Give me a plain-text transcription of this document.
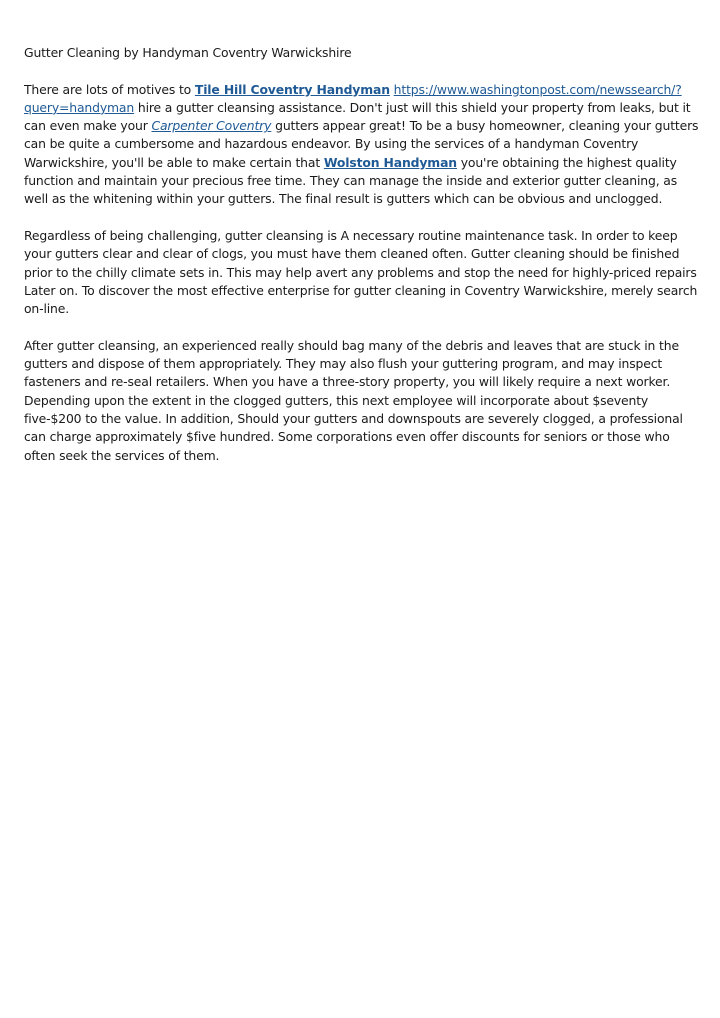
Gutter Cleaning by Handyman Coventry Warwickshire
There are lots of motives to Tile Hill Coventry Handyman https://www.washingtonpost.com/newssearch/?query=handyman hire a gutter cleansing assistance. Don't just will this shield your property from leaks, but it can even make your Carpenter Coventry gutters appear great! To be a busy homeowner, cleaning your gutters can be quite a cumbersome and hazardous endeavor. By using the services of a handyman Coventry Warwickshire, you'll be able to make certain that Wolston Handyman you're obtaining the highest quality function and maintain your precious free time. They can manage the inside and exterior gutter cleaning, as well as the whitening within your gutters. The final result is gutters which can be obvious and unclogged.
Regardless of being challenging, gutter cleansing is A necessary routine maintenance task. In order to keep your gutters clear and clear of clogs, you must have them cleaned often. Gutter cleaning should be finished prior to the chilly climate sets in. This may help avert any problems and stop the need for highly-priced repairs Later on. To discover the most effective enterprise for gutter cleaning in Coventry Warwickshire, merely search on-line.
After gutter cleansing, an experienced really should bag many of the debris and leaves that are stuck in the gutters and dispose of them appropriately. They may also flush your guttering program, and may inspect fasteners and re-seal retailers. When you have a three-story property, you will likely require a next worker. Depending upon the extent in the clogged gutters, this next employee will incorporate about $seventy five-$200 to the value. In addition, Should your gutters and downspouts are severely clogged, a professional can charge approximately $five hundred. Some corporations even offer discounts for seniors or those who often seek the services of them.
